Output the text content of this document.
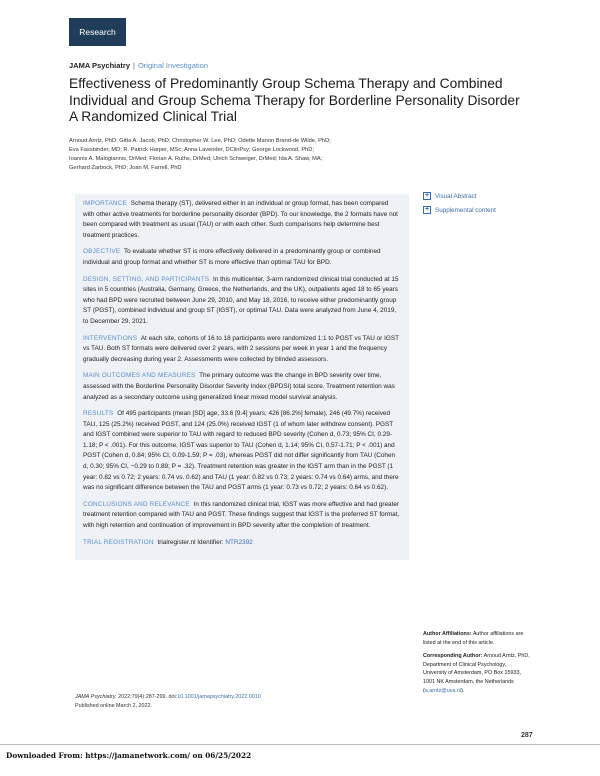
Research
JAMA Psychiatry | Original Investigation
Effectiveness of Predominantly Group Schema Therapy and Combined Individual and Group Schema Therapy for Borderline Personality Disorder
A Randomized Clinical Trial
Arnoud Arntz, PhD; Gitta A. Jacob, PhD; Christopher W. Lee, PhD; Odette Manon Brand-de Wilde, PhD;
Eva Fassbinder, MD; R. Patrick Harper, MSc; Anna Lavender, DClinPsy; George Lockwood, PhD;
Ioannis A. Malogiannis, DrMed; Florian A. Ruths, DrMed; Ulrich Schweiger, DrMed; Ida A. Shaw, MA;
Gerhard Zarbock, PhD; Joan M. Farrell, PhD
+ Visual Abstract
+ Supplemental content

IMPORTANCE Schema therapy (ST), delivered either in an individual or group format, has been compared with other active treatments for borderline personality disorder (BPD). To our knowledge, the 2 formats have not been compared with treatment as usual (TAU) or with each other. Such comparisons help determine best treatment practices.

OBJECTIVE To evaluate whether ST is more effectively delivered in a predominantly group or combined individual and group format and whether ST is more effective than optimal TAU for BPD.

DESIGN, SETTING, AND PARTICIPANTS In this multicenter, 3-arm randomized clinical trial conducted at 15 sites in 5 countries (Australia, Germany, Greece, the Netherlands, and the UK), outpatients aged 18 to 65 years who had BPD were recruited between June 29, 2010, and May 18, 2016, to receive either predominantly group ST (PGST), combined individual and group ST (IGST), or optimal TAU. Data were analyzed from June 4, 2019, to December 29, 2021.

INTERVENTIONS At each site, cohorts of 16 to 18 participants were randomized 1:1 to PGST vs TAU or IGST vs TAU. Both ST formats were delivered over 2 years, with 2 sessions per week in year 1 and the frequency gradually decreasing during year 2. Assessments were collected by blinded assessors.

MAIN OUTCOMES AND MEASURES The primary outcome was the change in BPD severity over time, assessed with the Borderline Personality Disorder Severity Index (BPDSI) total score. Treatment retention was analyzed as a secondary outcome using generalized linear mixed model survival analysis.

RESULTS Of 495 participants (mean [SD] age, 33.6 [9.4] years; 426 [86.2%] female), 246 (49.7%) received TAU, 125 (25.2%) received PGST, and 124 (25.0%) received IGST (1 of whom later withdrew consent). PGST and IGST combined were superior to TAU with regard to reduced BPD severity (Cohen d, 0.73; 95% CI, 0.29-1.18; P < .001). For this outcome, IGST was superior to TAU (Cohen d, 1.14; 95% CI, 0.57-1.71; P < .001) and PGST (Cohen d, 0.84; 95% CI, 0.09-1.59; P = .03), whereas PGST did not differ significantly from TAU (Cohen d, 0.30; 95% CI, −0.29 to 0.89; P = .32). Treatment retention was greater in the IGST arm than in the PGST (1 year: 0.82 vs 0.72; 2 years: 0.74 vs. 0.62) and TAU (1 year: 0.82 vs 0.73; 2 years: 0.74 vs 0.64) arms, and there was no significant difference between the TAU and PGST arms (1 year: 0.73 vs 0.72; 2 years: 0.64 vs 0.62).

CONCLUSIONS AND RELEVANCE In this randomized clinical trial, IGST was more effective and had greater treatment retention compared with TAU and PGST. These findings suggest that IGST is the preferred ST format, with high retention and continuation of improvement in BPD severity after the completion of treatment.

TRIAL REGISTRATION trialregister.nl Identifier: NTR2392

Author Affiliations: Author affiliations are listed at the end of this article.

Corresponding Author: Arnoud Arntz, PhD, Department of Clinical Psychology, University of Amsterdam, PO Box 15933, 1001 NK Amsterdam, the Netherlands (a.arntz@uva.nl).

JAMA Psychiatry. 2022;79(4):287-299. doi:10.1001/jamapsychiatry.2022.0010
Published online March 2, 2022.
287
Downloaded From: https://jamanetwork.com/ on 06/25/2022
